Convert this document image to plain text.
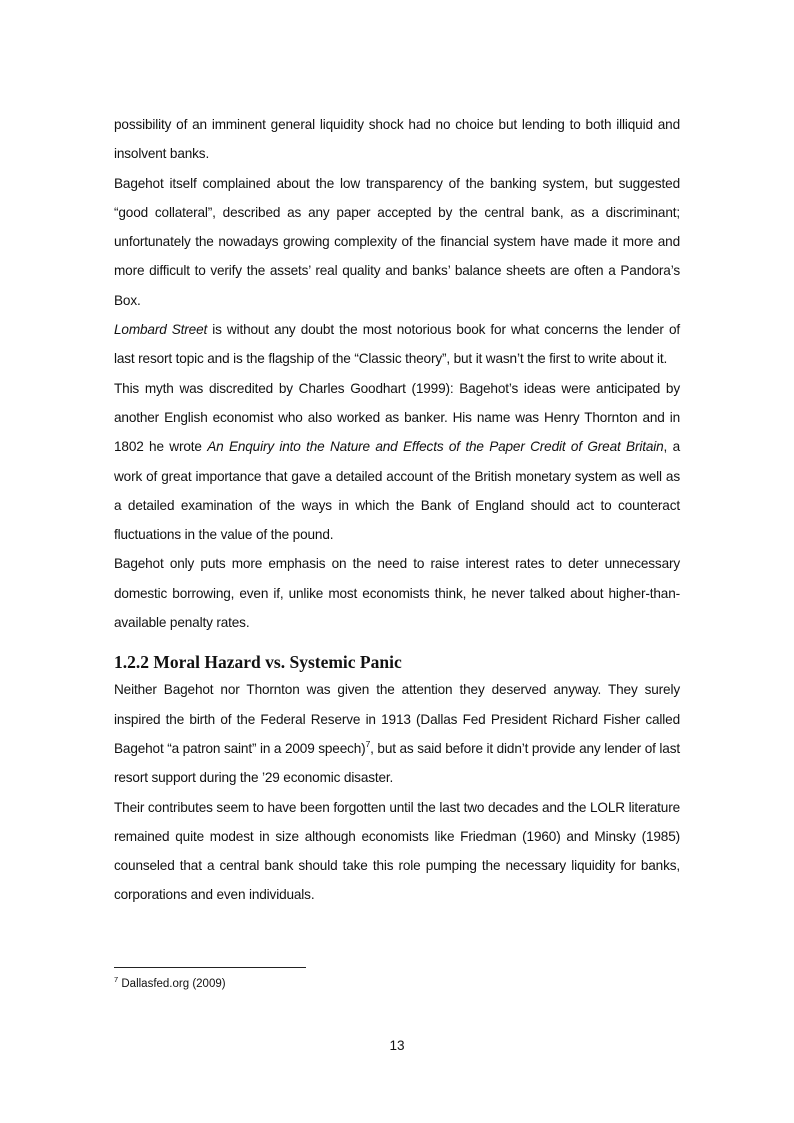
possibility of an imminent general liquidity shock had no choice but lending to both illiquid and insolvent banks.

Bagehot itself complained about the low transparency of the banking system, but suggested “good collateral”, described as any paper accepted by the central bank, as a discriminant; unfortunately the nowadays growing complexity of the financial system have made it more and more difficult to verify the assets’ real quality and banks’ balance sheets are often a Pandora’s Box.

Lombard Street is without any doubt the most notorious book for what concerns the lender of last resort topic and is the flagship of the “Classic theory”, but it wasn’t the first to write about it.

This myth was discredited by Charles Goodhart (1999): Bagehot’s ideas were anticipated by another English economist who also worked as banker. His name was Henry Thornton and in 1802 he wrote An Enquiry into the Nature and Effects of the Paper Credit of Great Britain, a work of great importance that gave a detailed account of the British monetary system as well as a detailed examination of the ways in which the Bank of England should act to counteract fluctuations in the value of the pound.

Bagehot only puts more emphasis on the need to raise interest rates to deter unnecessary domestic borrowing, even if, unlike most economists think, he never talked about higher-than-available penalty rates.

1.2.2 Moral Hazard vs. Systemic Panic

Neither Bagehot nor Thornton was given the attention they deserved anyway. They surely inspired the birth of the Federal Reserve in 1913 (Dallas Fed President Richard Fisher called Bagehot “a patron saint” in a 2009 speech)$^7$, but as said before it didn’t provide any lender of last resort support during the ’29 economic disaster.

Their contributes seem to have been forgotten until the last two decades and the LOLR literature remained quite modest in size although economists like Friedman (1960) and Minsky (1985) counseled that a central bank should take this role pumping the necessary liquidity for banks, corporations and even individuals.

$^7$ Dallasfed.org (2009)
13
